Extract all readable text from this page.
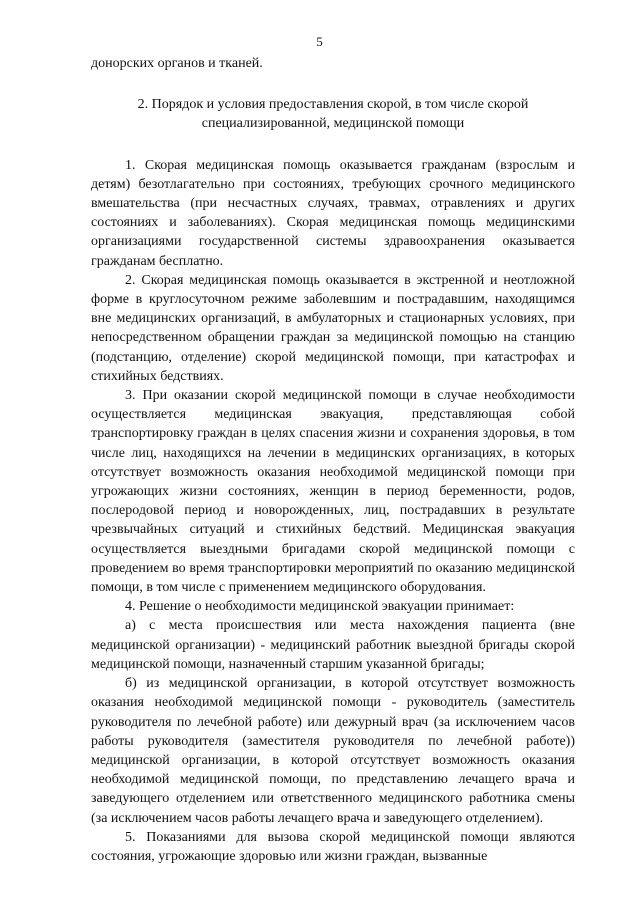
5

донорских органов и тканей.

2. Порядок и условия предоставления скорой, в том числе скорой
специализированной, медицинской помощи

1. Скорая медицинская помощь оказывается гражданам (взрослым и детям) безотлагательно при состояниях, требующих срочного медицинского вмешательства (при несчастных случаях, травмах, отравлениях и других состояниях и заболеваниях). Скорая медицинская помощь медицинскими организациями государственной системы здравоохранения оказывается гражданам бесплатно.

2. Скорая медицинская помощь оказывается в экстренной и неотложной форме в круглосуточном режиме заболевшим и пострадавшим, находящимся вне медицинских организаций, в амбулаторных и стационарных условиях, при непосредственном обращении граждан за медицинской помощью на станцию (подстанцию, отделение) скорой медицинской помощи, при катастрофах и стихийных бедствиях.

3. При оказании скорой медицинской помощи в случае необходимости осуществляется медицинская эвакуация, представляющая собой транспортировку граждан в целях спасения жизни и сохранения здоровья, в том числе лиц, находящихся на лечении в медицинских организациях, в которых отсутствует возможность оказания необходимой медицинской помощи при угрожающих жизни состояниях, женщин в период беременности, родов, послеродовой период и новорожденных, лиц, пострадавших в результате чрезвычайных ситуаций и стихийных бедствий. Медицинская эвакуация осуществляется выездными бригадами скорой медицинской помощи с проведением во время транспортировки мероприятий по оказанию медицинской помощи, в том числе с применением медицинского оборудования.

4. Решение о необходимости медицинской эвакуации принимает:

а) с места происшествия или места нахождения пациента (вне медицинской организации) - медицинский работник выездной бригады скорой медицинской помощи, назначенный старшим указанной бригады;

б) из медицинской организации, в которой отсутствует возможность оказания необходимой медицинской помощи - руководитель (заместитель руководителя по лечебной работе) или дежурный врач (за исключением часов работы руководителя (заместителя руководителя по лечебной работе)) медицинской организации, в которой отсутствует возможность оказания необходимой медицинской помощи, по представлению лечащего врача и заведующего отделением или ответственного медицинского работника смены (за исключением часов работы лечащего врача и заведующего отделением).

5. Показаниями для вызова скорой медицинской помощи являются состояния, угрожающие здоровью или жизни граждан, вызванные
